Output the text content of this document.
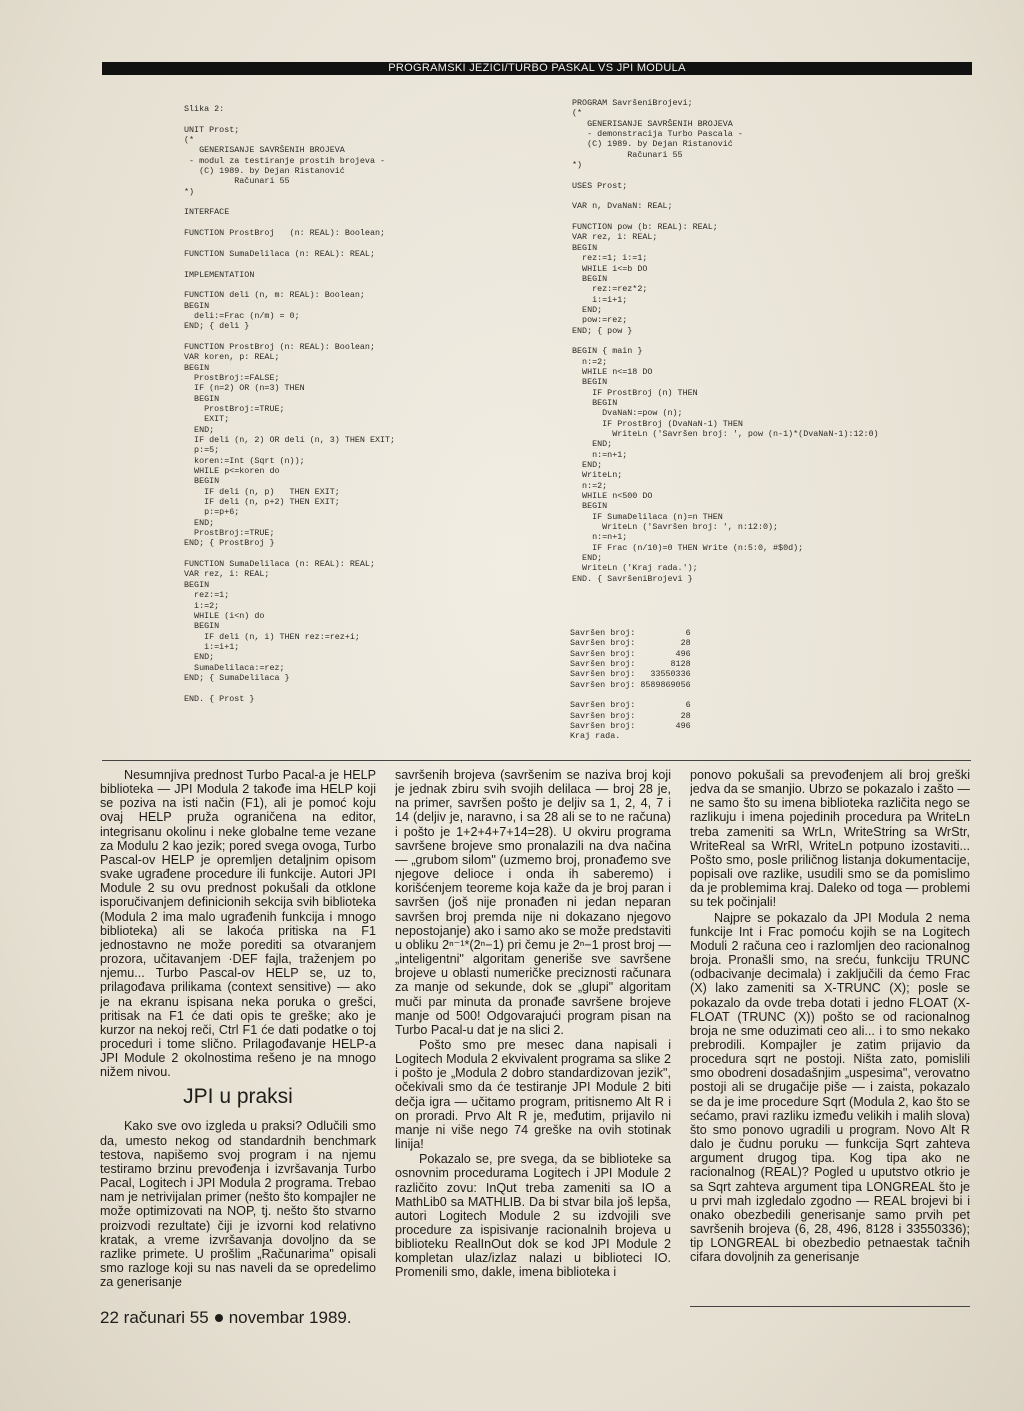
PROGRAMSKI JEZICI/TURBO PASKAL VS JPI MODULA
Slika 2:

UNIT Prost;
(*
GENERISANJE SAVRŠENIH BROJEVA
- modul za testiranje prostih brojeva -
(C) 1989. by Dejan Ristanović
Računari 55
*)

INTERFACE

FUNCTION ProstBroj   (n: REAL): Boolean;

FUNCTION SumaDelilaca (n: REAL): REAL;

IMPLEMENTATION

FUNCTION deli (n, m: REAL): Boolean;
BEGIN
deli:=Frac (n/m) = 0;
END; { deli }

FUNCTION ProstBroj (n: REAL): Boolean;
VAR koren, p: REAL;
BEGIN
ProstBroj:=FALSE;
IF (n=2) OR (n=3) THEN
BEGIN
ProstBroj:=TRUE;
EXIT;
END;
IF deli (n, 2) OR deli (n, 3) THEN EXIT;
p:=5;
koren:=Int (Sqrt (n));
WHILE p<=koren do
BEGIN
IF deli (n, p)   THEN EXIT;
IF deli (n, p+2) THEN EXIT;
p:=p+6;
END;
ProstBroj:=TRUE;
END; { ProstBroj }

FUNCTION SumaDelilaca (n: REAL): REAL;
VAR rez, i: REAL;
BEGIN
rez:=1;
i:=2;
WHILE (i<n) do
BEGIN
IF deli (n, i) THEN rez:=rez+i;
i:=i+1;
END;
SumaDelilaca:=rez;
END; { SumaDelilaca }

END. { Prost }
PROGRAM SavršeniBrojevi;
(*
GENERISANJE SAVRŠENIH BROJEVA
- demonstracija Turbo Pascala -
(C) 1989. by Dejan Ristanović
Računari 55
*)

USES Prost;

VAR n, DvaNaN: REAL;

FUNCTION pow (b: REAL): REAL;
VAR rez, i: REAL;
BEGIN
rez:=1; i:=1;
WHILE i<=b DO
BEGIN
rez:=rez*2;
i:=i+1;
END;
pow:=rez;
END; { pow }

BEGIN { main }
n:=2;
WHILE n<=18 DO
BEGIN
IF ProstBroj (n) THEN
BEGIN
DvaNaN:=pow (n);
IF ProstBroj (DvaNaN-1) THEN
WriteLn ('Savršen broj: ', pow (n-1)*(DvaNaN-1):12:0)
END;
n:=n+1;
END;
WriteLn;
n:=2;
WHILE n<500 DO
BEGIN
IF SumaDelilaca (n)=n THEN
WriteLn ('Savršen broj: ', n:12:0);
n:=n+1;
IF Frac (n/10)=0 THEN Write (n:5:0, #$0d);
END;
WriteLn ('Kraj rada.');
END. { SavršeniBrojevi }
Savršen broj:          6
Savršen broj:         28
Savršen broj:        496
Savršen broj:       8128
Savršen broj:   33550336
Savršen broj: 8589869056

Savršen broj:          6
Savršen broj:         28
Savršen broj:        496
Kraj rada.

Nesumnjiva prednost Turbo Pacal-a je HELP biblioteka — JPI Modula 2 takođe ima HELP koji se poziva na isti način (F1), ali je pomoć koju ovaj HELP pruža ograničena na editor, integrisanu okolinu i neke globalne teme vezane za Modulu 2 kao jezik; pored svega ovoga, Turbo Pascal-ov HELP je opremljen detaljnim opisom svake ugrađene procedure ili funkcije. Autori JPI Module 2 su ovu prednost pokušali da otklone isporučivanjem definicionih sekcija svih biblioteka (Modula 2 ima malo ugrađenih funkcija i mnogo biblioteka) ali se lakoća pritiska na F1 jednostavno ne može porediti sa otvaranjem prozora, učitavanjem ·DEF fajla, traženjem po njemu... Turbo Pascal-ov HELP se, uz to, prilagođava prilikama (context sensitive) — ako je na ekranu ispisana neka poruka o grešci, pritisak na F1 će dati opis te greške; ako je kurzor na nekoj reči, Ctrl F1 će dati podatke o toj proceduri i tome slično. Prilagođavanje HELP-a JPI Module 2 okolnostima rešeno je na mnogo nižem nivou.

JPI u praksi

Kako sve ovo izgleda u praksi? Odlučili smo da, umesto nekog od standardnih benchmark testova, napišemo svoj program i na njemu testiramo brzinu prevođenja i izvršavanja Turbo Pacal, Logitech i JPI Modula 2 programa. Trebao nam je netrivijalan primer (nešto što kompajler ne može optimizovati na NOP, tj. nešto što stvarno proizvodi rezultate) čiji je izvorni kod relativno kratak, a vreme izvršavanja dovoljno da se razlike primete. U prošlim „Računarima" opisali smo razloge koji su nas naveli da se opredelimo za generisanje

savršenih brojeva (savršenim se naziva broj koji je jednak zbiru svih svojih delilaca — broj 28 je, na primer, savršen pošto je deljiv sa 1, 2, 4, 7 i 14 (deljiv je, naravno, i sa 28 ali se to ne računa) i pošto je 1+2+4+7+14=28). U okviru programa savršene brojeve smo pronalazili na dva načina — „grubom silom" (uzmemo broj, pronađemo sve njegove delioce i onda ih saberemo) i korišćenjem teoreme koja kaže da je broj paran i savršen (još nije pronađen ni jedan neparan savršen broj premda nije ni dokazano njegovo nepostojanje) ako i samo ako se može predstaviti u obliku 2ⁿ⁻¹*(2ⁿ−1) pri čemu je 2ⁿ−1 prost broj — „inteligentni" algoritam generiše sve savršene brojeve u oblasti numeričke preciznosti računara za manje od sekunde, dok se „glupi" algoritam muči par minuta da pronađe savršene brojeve manje od 500! Odgovarajući program pisan na Turbo Pacal-u dat je na slici 2.

Pošto smo pre mesec dana napisali i Logitech Modula 2 ekvivalent programa sa slike 2 i pošto je „Modula 2 dobro standardizovan jezik", očekivali smo da će testiranje JPI Module 2 biti dečja igra — učitamo program, pritisnemo Alt R i on proradi. Prvo Alt R je, međutim, prijavilo ni manje ni više nego 74 greške na ovih stotinak linija!

Pokazalo se, pre svega, da se biblioteke sa osnovnim procedurama Logitech i JPI Module 2 različito zovu: InQut treba zameniti sa IO a MathLib0 sa MATHLIB. Da bi stvar bila još lepša, autori Logitech Module 2 su izdvojili sve procedure za ispisivanje racionalnih brojeva u biblioteku RealInOut dok se kod JPI Module 2 kompletan ulaz/izlaz nalazi u biblioteci IO. Promenili smo, dakle, imena biblioteka i

ponovo pokušali sa prevođenjem ali broj greški jedva da se smanjio. Ubrzo se pokazalo i zašto — ne samo što su imena biblioteka različita nego se razlikuju i imena pojedinih procedura pa WriteLn treba zameniti sa WrLn, WriteString sa WrStr, WriteReal sa WrRl, WriteLn potpuno izostaviti... Pošto smo, posle priličnog listanja dokumentacije, popisali ove razlike, usudili smo se da pomislimo da je problemima kraj. Daleko od toga — problemi su tek počinjali!

Najpre se pokazalo da JPI Modula 2 nema funkcije Int i Frac pomoću kojih se na Logitech Moduli 2 računa ceo i razlomljen deo racionalnog broja. Pronašli smo, na sreću, funkciju TRUNC (odbacivanje decimala) i zaključili da ćemo Frac (X) lako zameniti sa X-TRUNC (X); posle se pokazalo da ovde treba dotati i jedno FLOAT (X-FLOAT (TRUNC (X)) pošto se od racionalnog broja ne sme oduzimati ceo ali... i to smo nekako prebrodili. Kompajler je zatim prijavio da procedura sqrt ne postoji. Ništa zato, pomislili smo obodreni dosadašnjim „uspesima", verovatno postoji ali se drugačije piše — i zaista, pokazalo se da je ime procedure Sqrt (Modula 2, kao što se sećamo, pravi razliku između velikih i malih slova) što smo ponovo ugradili u program. Novo Alt R dalo je čudnu poruku — funkcija Sqrt zahteva argument drugog tipa. Kog tipa ako ne racionalnog (REAL)? Pogled u uputstvo otkrio je sa Sqrt zahteva argument tipa LONGREAL što je u prvi mah izgledalo zgodno — REAL brojevi bi i onako obezbedili generisanje samo prvih pet savršenih brojeva (6, 28, 496, 8128 i 33550336); tip LONGREAL bi obezbedio petnaestak tačnih cifara dovoljnih za generisanje

22 računari 55 novembar 1989.
